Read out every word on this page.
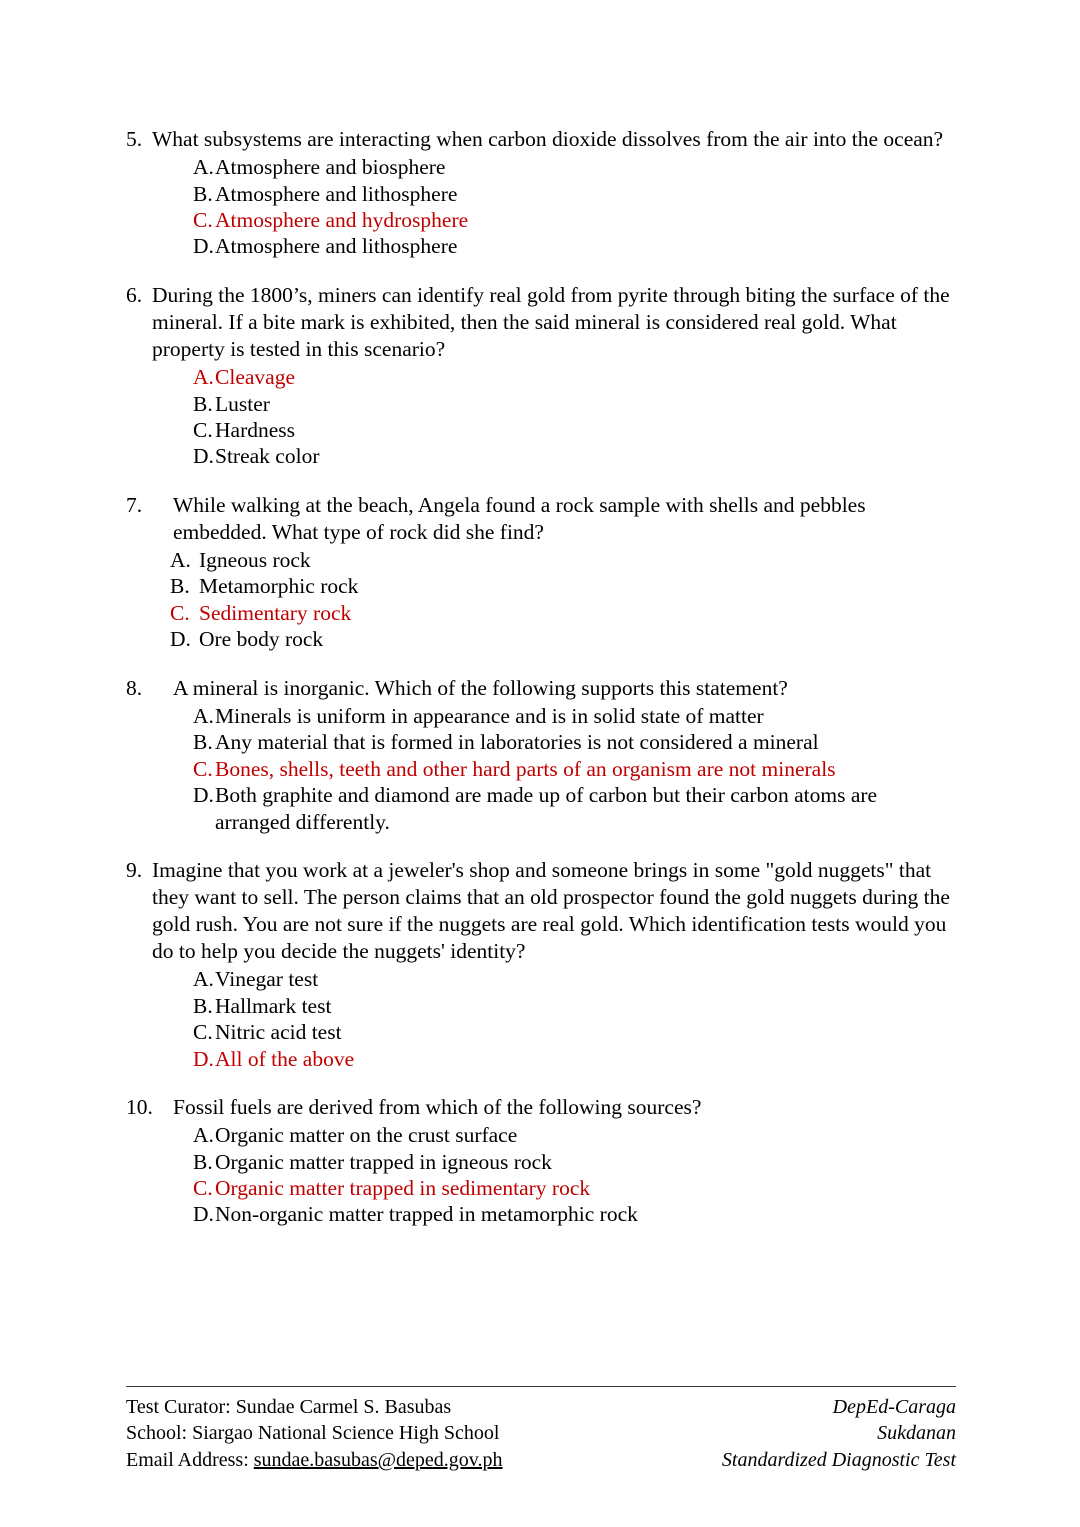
5. What subsystems are interacting when carbon dioxide dissolves from the air into the ocean?
A. Atmosphere and biosphere
B. Atmosphere and lithosphere
C. Atmosphere and hydrosphere
D. Atmosphere and lithosphere
6. During the 1800’s, miners can identify real gold from pyrite through biting the surface of the mineral. If a bite mark is exhibited, then the said mineral is considered real gold. What property is tested in this scenario?
A. Cleavage
B. Luster
C. Hardness
D. Streak color
7.	While walking at the beach, Angela found a rock sample with shells and pebbles embedded. What type of rock did she find?
A. Igneous rock
B. Metamorphic rock
C. Sedimentary rock
D. Ore body rock
8.	A mineral is inorganic. Which of the following supports this statement?
A. Minerals is uniform in appearance and is in solid state of matter
B. Any material that is formed in laboratories is not considered a mineral
C. Bones, shells, teeth and other hard parts of an organism are not minerals
D. Both graphite and diamond are made up of carbon but their carbon atoms are arranged differently.
9. Imagine that you work at a jeweler's shop and someone brings in some "gold nuggets" that they want to sell. The person claims that an old prospector found the gold nuggets during the gold rush. You are not sure if the nuggets are real gold. Which identification tests would you do to help you decide the nuggets' identity?
A. Vinegar test
B. Hallmark test
C. Nitric acid test
D. All of the above
10. Fossil fuels are derived from which of the following sources?
A. Organic matter on the crust surface
B. Organic matter trapped in igneous rock
C. Organic matter trapped in sedimentary rock
D. Non-organic matter trapped in metamorphic rock
Test Curator: Sundae Carmel S. Basubas
School: Siargao National Science High School
Email Address: sundae.basubas@deped.gov.ph
DepEd-Caraga
Sukdanan
Standardized Diagnostic Test
